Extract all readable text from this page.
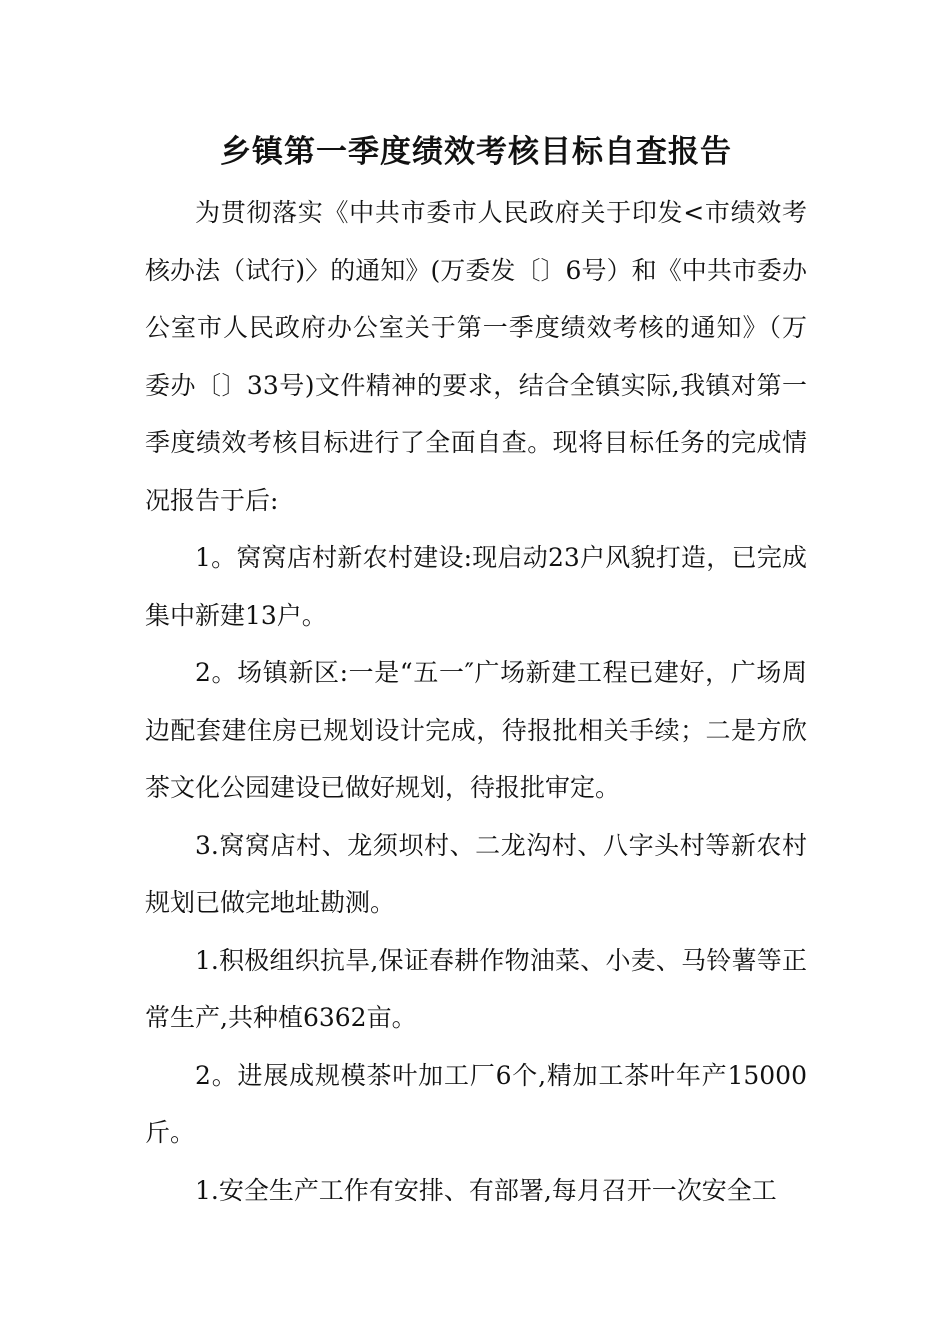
乡镇第一季度绩效考核目标自查报告

为贯彻落实《中共市委市人民政府关于印发<市绩效考核办法（试行)〉的通知》(万委发〔〕6号）和《中共市委办公室市人民政府办公室关于第一季度绩效考核的通知》（万委办〔〕33号)文件精神的要求，结合全镇实际,我镇对第一季度绩效考核目标进行了全面自查。现将目标任务的完成情况报告于后:

1。窝窝店村新农村建设:现启动23户风貌打造，已完成集中新建13户。

2。场镇新区:一是“五一″广场新建工程已建好，广场周边配套建住房已规划设计完成，待报批相关手续；二是方欣茶文化公园建设已做好规划，待报批审定。

3.窝窝店村、龙须坝村、二龙沟村、八字头村等新农村规划已做完地址勘测。

1.积极组织抗旱,保证春耕作物油菜、小麦、马铃薯等正常生产,共种植6362亩。

2。进展成规模茶叶加工厂6个,精加工茶叶年产15000斤。

1.安全生产工作有安排、有部署,每月召开一次安全工
